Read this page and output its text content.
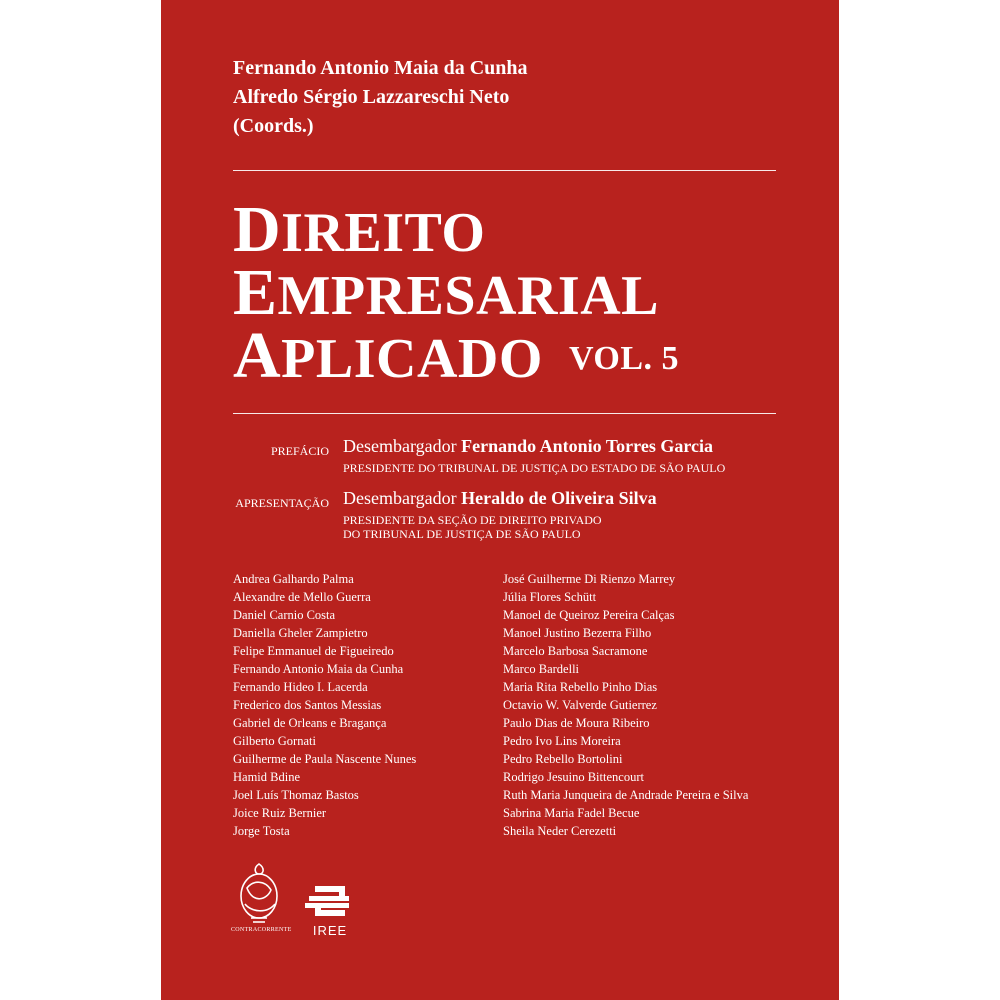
Fernando Antonio Maia da Cunha
Alfredo Sérgio Lazzareschi Neto
(Coords.)
DIREITO
EMPRESARIAL
APLICADO VOL. 5
PREFÁCIO Desembargador Fernando Antonio Torres Garcia
PRESIDENTE DO TRIBUNAL DE JUSTIÇA DO ESTADO DE SÃO PAULO
APRESENTAÇÃO Desembargador Heraldo de Oliveira Silva
PRESIDENTE DA SEÇÃO DE DIREITO PRIVADO
DO TRIBUNAL DE JUSTIÇA DE SÃO PAULO
Andrea Galhardo Palma
Alexandre de Mello Guerra
Daniel Carnio Costa
Daniella Gheler Zampietro
Felipe Emmanuel de Figueiredo
Fernando Antonio Maia da Cunha
Fernando Hideo I. Lacerda
Frederico dos Santos Messias
Gabriel de Orleans e Bragança
Gilberto Gornati
Guilherme de Paula Nascente Nunes
Hamid Bdine
Joel Luís Thomaz Bastos
Joice Ruiz Bernier
Jorge Tosta
José Guilherme Di Rienzo Marrey
Júlia Flores Schütt
Manoel de Queiroz Pereira Calças
Manoel Justino Bezerra Filho
Marcelo Barbosa Sacramone
Marco Bardelli
Maria Rita Rebello Pinho Dias
Octavio W. Valverde Gutierrez
Paulo Dias de Moura Ribeiro
Pedro Ivo Lins Moreira
Pedro Rebello Bortolini
Rodrigo Jesuino Bittencourt
Ruth Maria Junqueira de Andrade Pereira e Silva
Sabrina Maria Fadel Becue
Sheila Neder Cerezetti
CONTRACORRENTE	IREE
